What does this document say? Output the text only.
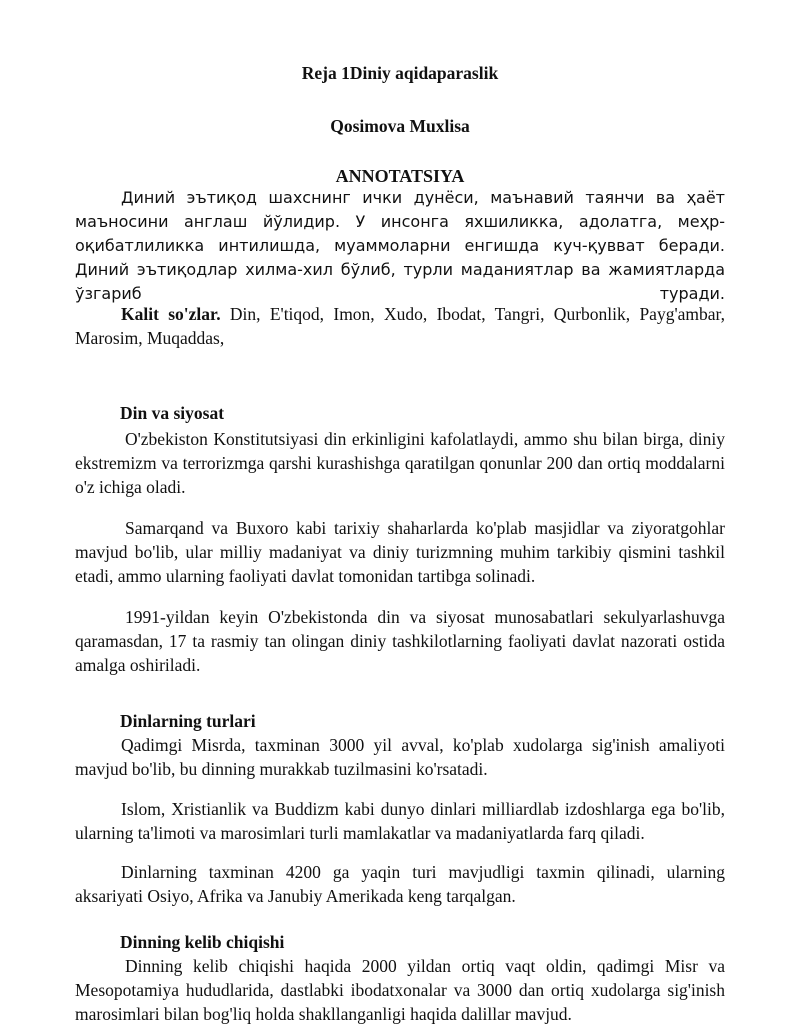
Reja 1Diniy aqidaparaslik
Qosimova Muxlisa
ANNOTATSIYA

Диний эътиқод шахснинг ички дунёси, маънавий таянчи ва ҳаёт маъносини англаш йўлидир. У инсонга яхшиликка, адолатга, меҳр-оқибатлиликка интилишда, муаммоларни енгишда куч-қувват беради. Диний эътиқодлар хилма-хил бўлиб, турли маданиятлар ва жамиятларда ўзгариб туради.

Kalit so'zlar. Din, E'tiqod, Imon, Xudo, Ibodat, Tangri, Qurbonlik, Payg'ambar, Marosim, Muqaddas,

Din va siyosat

O'zbekiston Konstitutsiyasi din erkinligini kafolatlaydi, ammo shu bilan birga, diniy ekstremizm va terrorizmga qarshi kurashishga qaratilgan qonunlar 200 dan ortiq moddalarni o'z ichiga oladi.

Samarqand va Buxoro kabi tarixiy shaharlarda ko'plab masjidlar va ziyoratgohlar mavjud bo'lib, ular milliy madaniyat va diniy turizmning muhim tarkibiy qismini tashkil etadi, ammo ularning faoliyati davlat tomonidan tartibga solinadi.

1991-yildan keyin O'zbekistonda din va siyosat munosabatlari sekulyarlashuvga qaramasdan, 17 ta rasmiy tan olingan diniy tashkilotlarning faoliyati davlat nazorati ostida amalga oshiriladi.

Dinlarning turlari

Qadimgi Misrda, taxminan 3000 yil avval, ko'plab xudolarga sig'inish amaliyoti mavjud bo'lib, bu dinning murakkab tuzilmasini ko'rsatadi.

Islom, Xristianlik va Buddizm kabi dunyo dinlari milliardlab izdoshlarga ega bo'lib, ularning ta'limoti va marosimlari turli mamlakatlar va madaniyatlarda farq qiladi.

Dinlarning taxminan 4200 ga yaqin turi mavjudligi taxmin qilinadi, ularning aksariyati Osiyo, Afrika va Janubiy Amerikada keng tarqalgan.

Dinning kelib chiqishi

Dinning kelib chiqishi haqida 2000 yildan ortiq vaqt oldin, qadimgi Misr va Mesopotamiya hududlarida, dastlabki ibodatxonalar va 3000 dan ortiq xudolarga sig'inish marosimlari bilan bog'liq holda shakllanganligi haqida dalillar mavjud.
